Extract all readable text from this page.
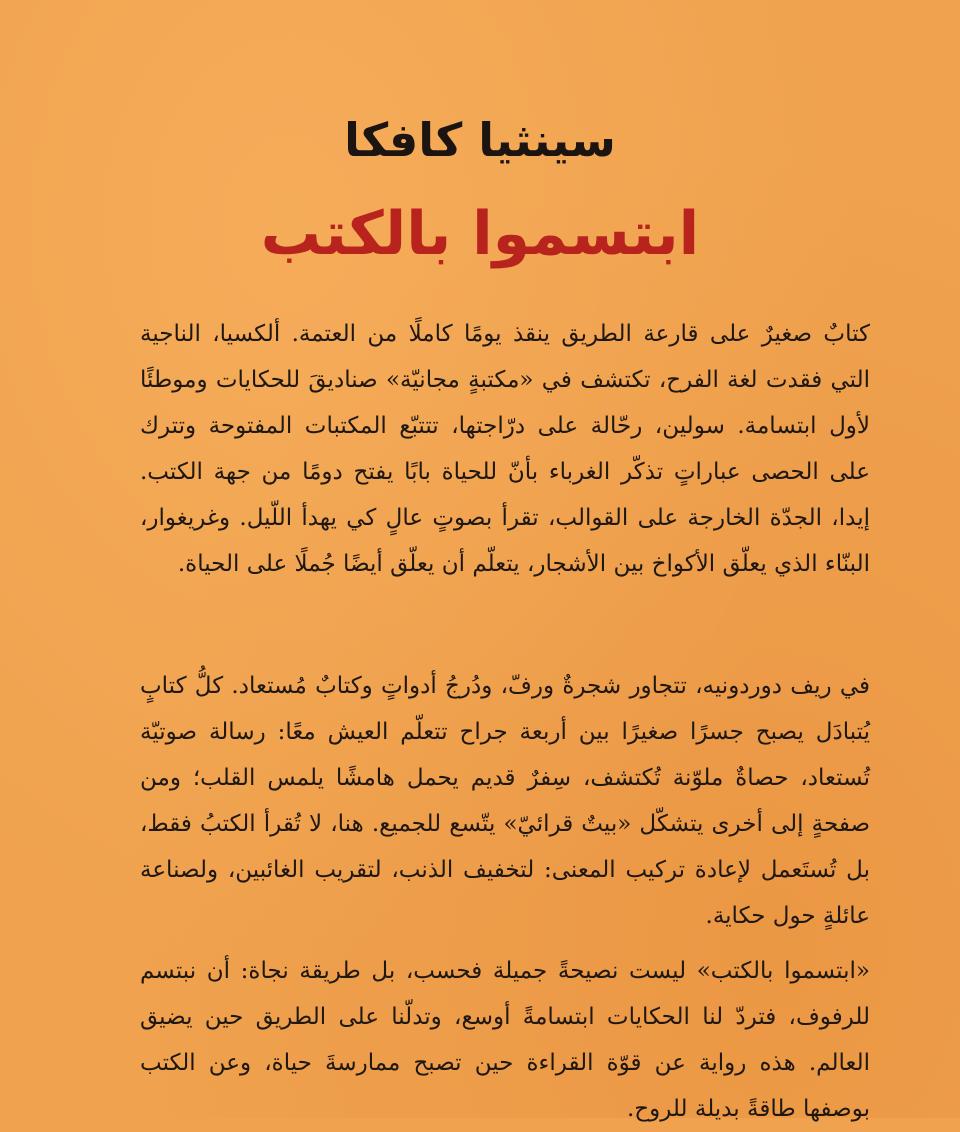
سينثيا كافكا
ابتسموا بالكتب

كتابٌ صغيرٌ على قارعة الطريق ينقذ يومًا كاملًا من العتمة. ألكسيا، الناجية التي فقدت لغة الفرح، تكتشف في «مكتبةٍ مجانيّة» صناديقَ للحكايات وموطئًا لأول ابتسامة. سولين، رحّالة على درّاجتها، تتتبّع المكتبات المفتوحة وتترك على الحصى عباراتٍ تذكّر الغرباء بأنّ للحياة بابًا يفتح دومًا من جهة الكتب. إيدا، الجدّة الخارجة على القوالب، تقرأ بصوتٍ عالٍ كي يهدأ اللّيل. وغريغوار، البنّاء الذي يعلّق الأكواخ بين الأشجار، يتعلّم أن يعلّق أيضًا جُملًا على الحياة.

في ريف دوردونيه، تتجاور شجرةٌ ورفّ، ودُرجُ أدواتٍ وكتابٌ مُستعاد. كلُّ كتابٍ يُتبادَل يصبح جسرًا صغيرًا بين أربعة جراح تتعلّم العيش معًا: رسالة صوتيّة تُستعاد، حصاةٌ ملوّنة تُكتشف، سِفرٌ قديم يحمل هامشًا يلمس القلب؛ ومن صفحةٍ إلى أخرى يتشكّل «بيتٌ قرائيّ» يتّسع للجميع. هنا، لا تُقرأ الكتبُ فقط، بل تُستَعمل لإعادة تركيب المعنى: لتخفيف الذنب، لتقريب الغائبين، ولصناعة عائلةٍ حول حكاية.

«ابتسموا بالكتب» ليست نصيحةً جميلة فحسب، بل طريقة نجاة: أن نبتسم للرفوف، فتردّ لنا الحكايات ابتسامةً أوسع، وتدلّنا على الطريق حين يضيق العالم. هذه رواية عن قوّة القراءة حين تصبح ممارسةَ حياة، وعن الكتب بوصفها طاقةً بديلة للروح.
